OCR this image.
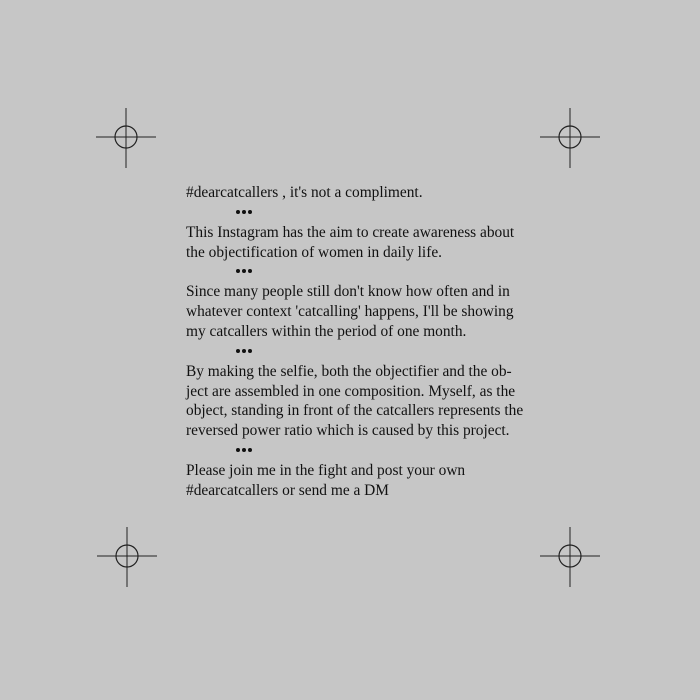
#dearcatcallers , it's not a compliment.

This Instagram has the aim to create awareness about
the objectification of women in daily life.

Since many people still don't know how often and in
whatever context 'catcalling' happens, I'll be showing
my catcallers within the period of one month.

By making the selfie, both the objectifier and the ob-
ject are assembled in one composition. Myself, as the
object, standing in front of the catcallers represents the
reversed power ratio which is caused by this project.

Please join me in the fight and post your own
#dearcatcallers or send me a DM
